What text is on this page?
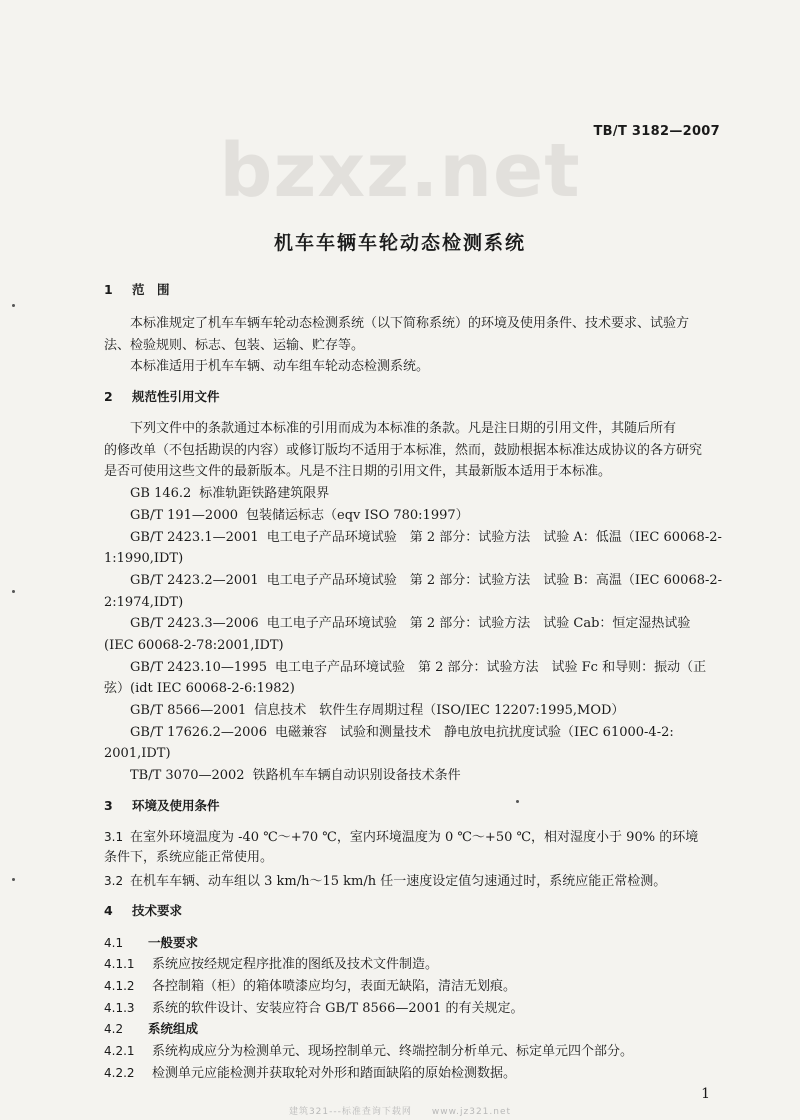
TB/T 3182—2007
bzxz.net
机车车辆车轮动态检测系统
1 范　围
本标准规定了机车车辆车轮动态检测系统（以下简称系统）的环境及使用条件、技术要求、试验方
法、检验规则、标志、包装、运输、贮存等。
本标准适用于机车车辆、动车组车轮动态检测系统。
2 规范性引用文件
下列文件中的条款通过本标准的引用而成为本标准的条款。凡是注日期的引用文件，其随后所有
的修改单（不包括勘误的内容）或修订版均不适用于本标准，然而，鼓励根据本标准达成协议的各方研究
是否可使用这些文件的最新版本。凡是不注日期的引用文件，其最新版本适用于本标准。
GB 146.2 标准轨距铁路建筑限界
GB/T 191—2000 包装储运标志（eqv ISO 780:1997）
GB/T 2423.1—2001 电工电子产品环境试验　第 2 部分：试验方法　试验 A：低温（IEC 60068-2-
1:1990,IDT)
GB/T 2423.2—2001 电工电子产品环境试验　第 2 部分：试验方法　试验 B：高温（IEC 60068-2-
2:1974,IDT)
GB/T 2423.3—2006 电工电子产品环境试验　第 2 部分：试验方法　试验 Cab：恒定湿热试验
(IEC 60068-2-78:2001,IDT)
GB/T 2423.10—1995 电工电子产品环境试验　第 2 部分：试验方法　试验 Fc 和导则：振动（正
弦）(idt IEC 60068-2-6:1982)
GB/T 8566—2001 信息技术　软件生存周期过程（ISO/IEC 12207:1995,MOD）
GB/T 17626.2—2006 电磁兼容　试验和测量技术　静电放电抗扰度试验（IEC 61000-4-2:
2001,IDT)
TB/T 3070—2002 铁路机车车辆自动识别设备技术条件
3 环境及使用条件
3.1 在室外环境温度为 -40 ℃～+70 ℃，室内环境温度为 0 ℃～+50 ℃，相对湿度小于 90% 的环境
条件下，系统应能正常使用。
3.2 在机车车辆、动车组以 3 km/h～15 km/h 任一速度设定值匀速通过时，系统应能正常检测。
4 技术要求
4.1 一般要求
4.1.1 系统应按经规定程序批准的图纸及技术文件制造。
4.1.2 各控制箱（柜）的箱体喷漆应均匀，表面无缺陷，清洁无划痕。
4.1.3 系统的软件设计、安装应符合 GB/T 8566—2001 的有关规定。
4.2 系统组成
4.2.1 系统构成应分为检测单元、现场控制单元、终端控制分析单元、标定单元四个部分。
4.2.2 检测单元应能检测并获取轮对外形和踏面缺陷的原始检测数据。
1
建筑321---标准查询下载网　　www.jz321.net
